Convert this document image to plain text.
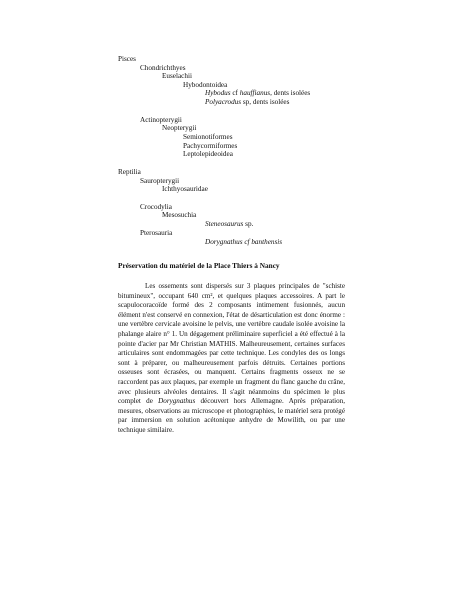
Pisces
Chondrichthyes
Euselachii
Hybodontoidea
Hybodus cf hauffianus, dents isolées
Polyacrodus sp, dents isolées
Actinopterygii
Neopterygii
Semionotiformes
Pachycormiformes
Leptolepideoidea
Reptilia
Sauropterygii
Ichthyosauridae
Crocodylia
Mesosuchia
Steneosaurus sp.
Pterosauria
Dorygnathus cf banthensis
Préservation du matériel de la Place Thiers à Nancy
Les ossements sont dispersés sur 3 plaques principales de "schiste bitumineux", occupant 640 cm², et quelques plaques accessoires. A part le scapulocoracoïde formé des 2 composants intimement fusionnés, aucun élément n'est conservé en connexion, l'état de désarticulation est donc énorme : une vertèbre cervicale avoisine le pelvis, une vertèbre caudale isolée avoisine la phalange alaire n° 1. Un dégagement préliminaire superficiel a été effectué à la pointe d'acier par Mr Christian MATHIS. Malheureusement, certaines surfaces articulaires sont endommagées par cette technique. Les condyles des os longs sont à préparer, ou malheureusement parfois détruits. Certaines portions osseuses sont écrasées, ou manquent. Certains fragments osseux ne se raccordent pas aux plaques, par exemple un fragment du flanc gauche du crâne, avec plusieurs alvéoles dentaires. Il s'agit néanmoins du spécimen le plus complet de Dorygnathus découvert hors Allemagne. Après préparation, mesures, observations au microscope et photographies, le matériel sera protégé par immersion en solution acétonique anhydre de Mowilith, ou par une technique similaire.
